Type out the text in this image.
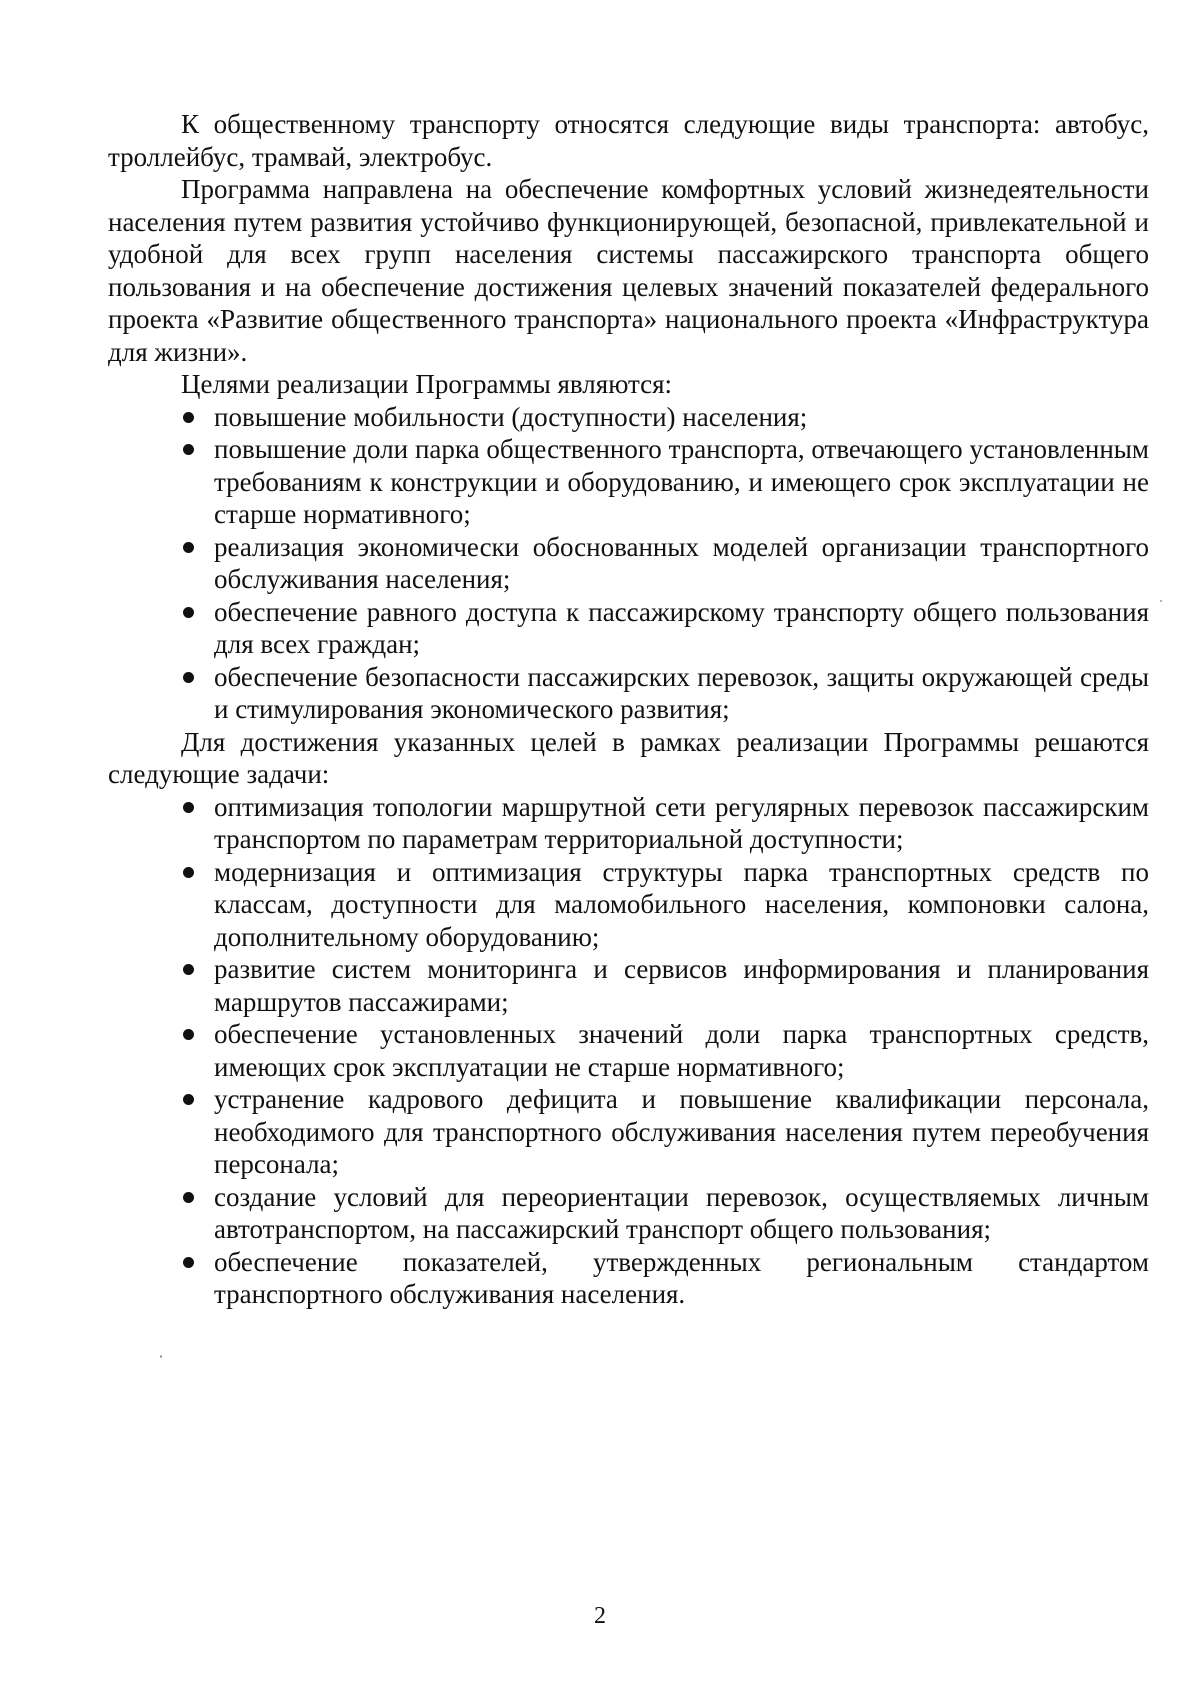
К общественному транспорту относятся следующие виды транспорта: автобус, троллейбус, трамвай, электробус.

Программа направлена на обеспечение комфортных условий жизнедеятельности населения путем развития устойчиво функционирующей, безопасной, привлекательной и удобной для всех групп населения системы пассажирского транспорта общего пользования и на обеспечение достижения целевых значений показателей федерального проекта «Развитие общественного транспорта» национального проекта «Инфраструктура для жизни».

Целями реализации Программы являются:

повышение мобильности (доступности) населения;
повышение доли парка общественного транспорта, отвечающего установленным требованиям к конструкции и оборудованию, и имеющего срок эксплуатации не старше нормативного;
реализация экономически обоснованных моделей организации транспортного обслуживания населения;
обеспечение равного доступа к пассажирскому транспорту общего пользования для всех граждан;
обеспечение безопасности пассажирских перевозок, защиты окружающей среды и стимулирования экономического развития;

Для достижения указанных целей в рамках реализации Программы решаются следующие задачи:

оптимизация топологии маршрутной сети регулярных перевозок пассажирским транспортом по параметрам территориальной доступности;
модернизация и оптимизация структуры парка транспортных средств по классам, доступности для маломобильного населения, компоновки салона, дополнительному оборудованию;
развитие систем мониторинга и сервисов информирования и планирования маршрутов пассажирами;
обеспечение установленных значений доли парка транспортных средств, имеющих срок эксплуатации не старше нормативного;
устранение кадрового дефицита и повышение квалификации персонала, необходимого для транспортного обслуживания населения путем переобучения персонала;
создание условий для переориентации перевозок, осуществляемых личным автотранспортом, на пассажирский транспорт общего пользования;
обеспечение показателей, утвержденных региональным стандартом транспортного обслуживания населения.
2
